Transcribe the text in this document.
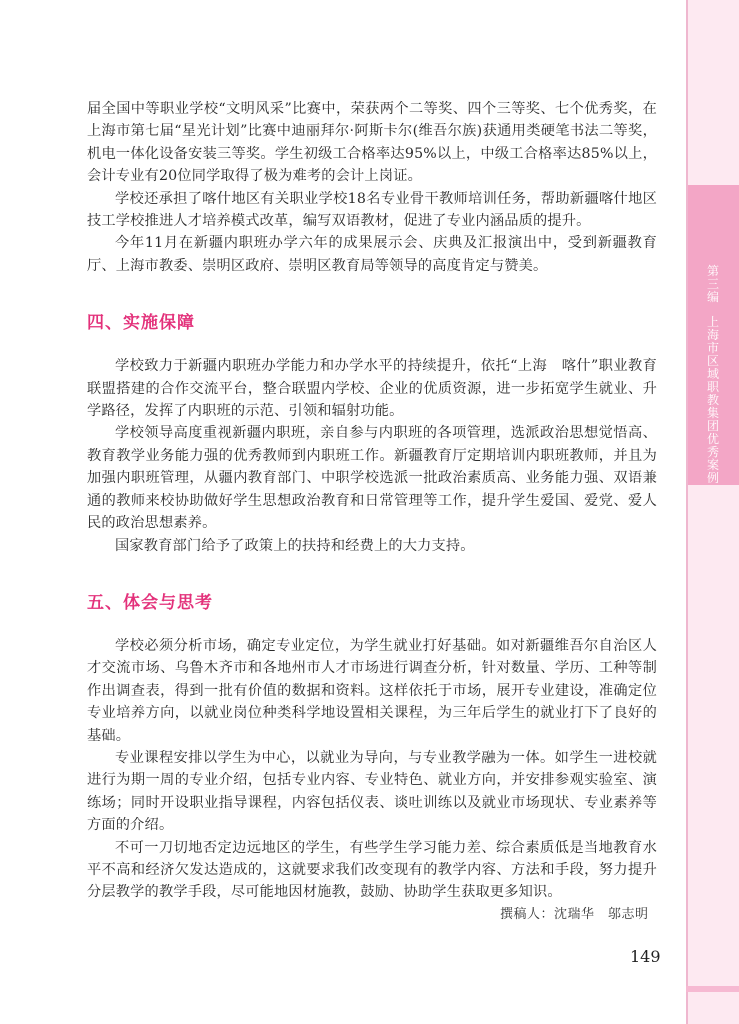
第三编
上海市区域职教集团优秀案例

届全国中等职业学校“文明风采”比赛中，荣获两个二等奖、四个三等奖、七个优秀奖，在上海市第七届“星光计划”比赛中迪丽拜尔·阿斯卡尔(维吾尔族)获通用类硬笔书法二等奖，机电一体化设备安装三等奖。学生初级工合格率达95%以上，中级工合格率达85%以上，会计专业有20位同学取得了极为难考的会计上岗证。

学校还承担了喀什地区有关职业学校18名专业骨干教师培训任务，帮助新疆喀什地区技工学校推进人才培养模式改革，编写双语教材，促进了专业内涵品质的提升。

今年11月在新疆内职班办学六年的成果展示会、庆典及汇报演出中，受到新疆教育厅、上海市教委、崇明区政府、崇明区教育局等领导的高度肯定与赞美。

四、实施保障

学校致力于新疆内职班办学能力和办学水平的持续提升，依托“上海　喀什”职业教育联盟搭建的合作交流平台，整合联盟内学校、企业的优质资源，进一步拓宽学生就业、升学路径，发挥了内职班的示范、引领和辐射功能。

学校领导高度重视新疆内职班，亲自参与内职班的各项管理，选派政治思想觉悟高、教育教学业务能力强的优秀教师到内职班工作。新疆教育厅定期培训内职班教师，并且为加强内职班管理，从疆内教育部门、中职学校选派一批政治素质高、业务能力强、双语兼通的教师来校协助做好学生思想政治教育和日常管理等工作，提升学生爱国、爱党、爱人民的政治思想素养。

国家教育部门给予了政策上的扶持和经费上的大力支持。

五、体会与思考

学校必须分析市场，确定专业定位，为学生就业打好基础。如对新疆维吾尔自治区人才交流市场、乌鲁木齐市和各地州市人才市场进行调查分析，针对数量、学历、工种等制作出调查表，得到一批有价值的数据和资料。这样依托于市场，展开专业建设，准确定位专业培养方向，以就业岗位种类科学地设置相关课程，为三年后学生的就业打下了良好的基础。

专业课程安排以学生为中心，以就业为导向，与专业教学融为一体。如学生一进校就进行为期一周的专业介绍，包括专业内容、专业特色、就业方向，并安排参观实验室、演练场；同时开设职业指导课程，内容包括仪表、谈吐训练以及就业市场现状、专业素养等方面的介绍。

不可一刀切地否定边远地区的学生，有些学生学习能力差、综合素质低是当地教育水平不高和经济欠发达造成的，这就要求我们改变现有的教学内容、方法和手段，努力提升分层教学的教学手段，尽可能地因材施教，鼓励、协助学生获取更多知识。

撰稿人：沈瑞华　邬志明
149
